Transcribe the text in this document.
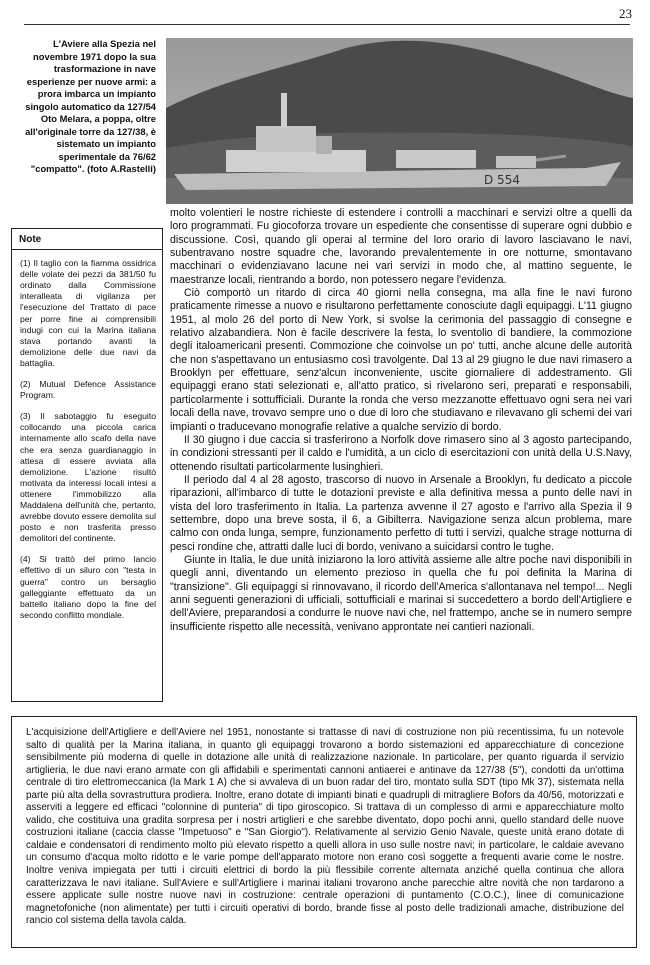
23
L'Aviere alla Spezia nel novembre 1971 dopo la sua trasformazione in nave esperienze per nuove armi: a prora imbarca un impianto singolo automatico da 127/54 Oto Melara, a poppa, oltre all'originale torre da 127/38, è sistemato un impianto sperimentale da 76/62 "compatto". (foto A.Rastelli)
D 554
Note

(1) Il taglio con la fiamma ossidrica delle volate dei pezzi da 381/50 fu ordinato dalla Commissione interalleata di vigilanza per l'esecuzione del Trattato di pace per porre fine ai comprensibili indugi con cui la Marina italiana stava portando avanti la demolizione delle due navi da battaglia.

(2) Mutual Defence Assistance Program.

(3) Il sabotaggio fu eseguito collocando una piccola carica internamente allo scafo della nave che era senza guardianaggio in attesa di essere avviata alla demolizione. L'azione risultò motivata da interessi locali intesi a ottenere l'immobilizzo alla Maddalena dell'unità che, pertanto, avrebbe dovuto essere demolita sul posto e non trasferita presso demolitori del continente.

(4) Si trattò del primo lancio effettivo di un siluro con "testa in guerra" contro un bersaglio galleggiante effettuato da un battello italiano dopo la fine del secondo conflitto mondiale.

molto volentieri le nostre richieste di estendere i controlli a macchinari e servizi oltre a quelli da loro programmati. Fu giocoforza trovare un espediente che consentisse di superare ogni dubbio e discussione. Così, quando gli operai al termine del loro orario di lavoro lasciavano le navi, subentravano nostre squadre che, lavorando prevalentemente in ore notturne, smontavano macchinari o evidenziavano lacune nei vari servizi in modo che, al mattino seguente, le maestranze locali, rientrando a bordo, non potessero negare l'evidenza.

Ciò comportò un ritardo di circa 40 giorni nella consegna, ma alla fine le navi furono praticamente rimesse a nuovo e risultarono perfettamente conosciute dagli equipaggi. L'11 giugno 1951, al molo 26 del porto di New York, si svolse la cerimonia del passaggio di consegne e relativo alzabandiera. Non è facile descrivere la festa, lo sventolio di bandiere, la commozione degli italoamericani presenti. Commozione che coinvolse un po' tutti, anche alcune delle autorità che non s'aspettavano un entusiasmo così travolgente. Dal 13 al 29 giugno le due navi rimasero a Brooklyn per effettuare, senz'alcun inconveniente, uscite giornaliere di addestramento. Gli equipaggi erano stati selezionati e, all'atto pratico, si rivelarono seri, preparati e responsabili, particolarmente i sottufficiali. Durante la ronda che verso mezzanotte effettuavo ogni sera nei vari locali della nave, trovavo sempre uno o due di loro che studiavano e rilevavano gli schemi dei vari impianti o traducevano monografie relative a qualche servizio di bordo.

Il 30 giugno i due caccia si trasferirono a Norfolk dove rimasero sino al 3 agosto partecipando, in condizioni stressanti per il caldo e l'umidità, a un ciclo di esercitazioni con unità della U.S.Navy, ottenendo risultati particolarmente lusinghieri.

Il periodo dal 4 al 28 agosto, trascorso di nuovo in Arsenale a Brooklyn, fu dedicato a piccole riparazioni, all'imbarco di tutte le dotazioni previste e alla definitiva messa a punto delle navi in vista del loro trasferimento in Italia. La partenza avvenne il 27 agosto e l'arrivo alla Spezia il 9 settembre, dopo una breve sosta, il 6, a Gibilterra. Navigazione senza alcun problema, mare calmo con onda lunga, sempre, funzionamento perfetto di tutti i servizi, qualche strage notturna di pesci rondine che, attratti dalle luci di bordo, venivano a suicidarsi contro le tughe.

Giunte in Italia, le due unità iniziarono la loro attività assieme alle altre poche navi disponibili in quegli anni, diventando un elemento prezioso in quella che fu poi definita la Marina di "transizione". Gli equipaggi si rinnovavano, il ricordo dell'America s'allontanava nel tempo!... Negli anni seguenti generazioni di ufficiali, sottufficiali e marinai si succedettero a bordo dell'Artigliere e dell'Aviere, preparandosi a condurre le nuove navi che, nel frattempo, anche se in numero sempre insufficiente rispetto alle necessità, venivano approntate nei cantieri nazionali.

L'acquisizione dell'Artigliere e dell'Aviere nel 1951, nonostante si trattasse di navi di costruzione non più recentissima, fu un notevole salto di qualità per la Marina italiana, in quanto gli equipaggi trovarono a bordo sistemazioni ed apparecchiature di concezione sensibilmente più moderna di quelle in dotazione alle unità di realizzazione nazionale. In particolare, per quanto riguarda il servizio artiglieria, le due navi erano armate con gli affidabili e sperimentati cannoni antiaerei e antinave da 127/38 (5"), condotti da un'ottima centrale di tiro elettromeccanica (la Mark 1 A) che si avvaleva di un buon radar del tiro, montato sulla SDT (tipo Mk 37), sistemata nella parte più alta della sovrastruttura prodiera. Inoltre, erano dotate di impianti binati e quadrupli di mitragliere Bofors da 40/56, motorizzati e asserviti a leggere ed efficaci "colonnine di punteria" di tipo giroscopico. Si trattava di un complesso di armi e apparecchiature molto valido, che costituiva una gradita sorpresa per i nostri artiglieri e che sarebbe diventato, dopo pochi anni, quello standard delle nuove costruzioni italiane (caccia classe "Impetuoso" e "San Giorgio"). Relativamente al servizio Genio Navale, queste unità erano dotate di caldaie e condensatori di rendimento molto più elevato rispetto a quelli allora in uso sulle nostre navi; in particolare, le caldaie avevano un consumo d'acqua molto ridotto e le varie pompe dell'apparato motore non erano così soggette a frequenti avarie come le nostre. Inoltre veniva impiegata per tutti i circuiti elettrici di bordo la più flessibile corrente alternata anziché quella continua che allora caratterizzava le navi italiane. Sull'Aviere e sull'Artigliere i marinai italiani trovarono anche parecchie altre novità che non tardarono a essere applicate sulle nostre nuove navi in costruzione: centrale operazioni di puntamento (C.O.C.), linee di comunicazione magnetofoniche (non alimentate) per tutti i circuiti operativi di bordo, brande fisse al posto delle tradizionali amache, distribuzione del rancio col sistema della tavola calda.
